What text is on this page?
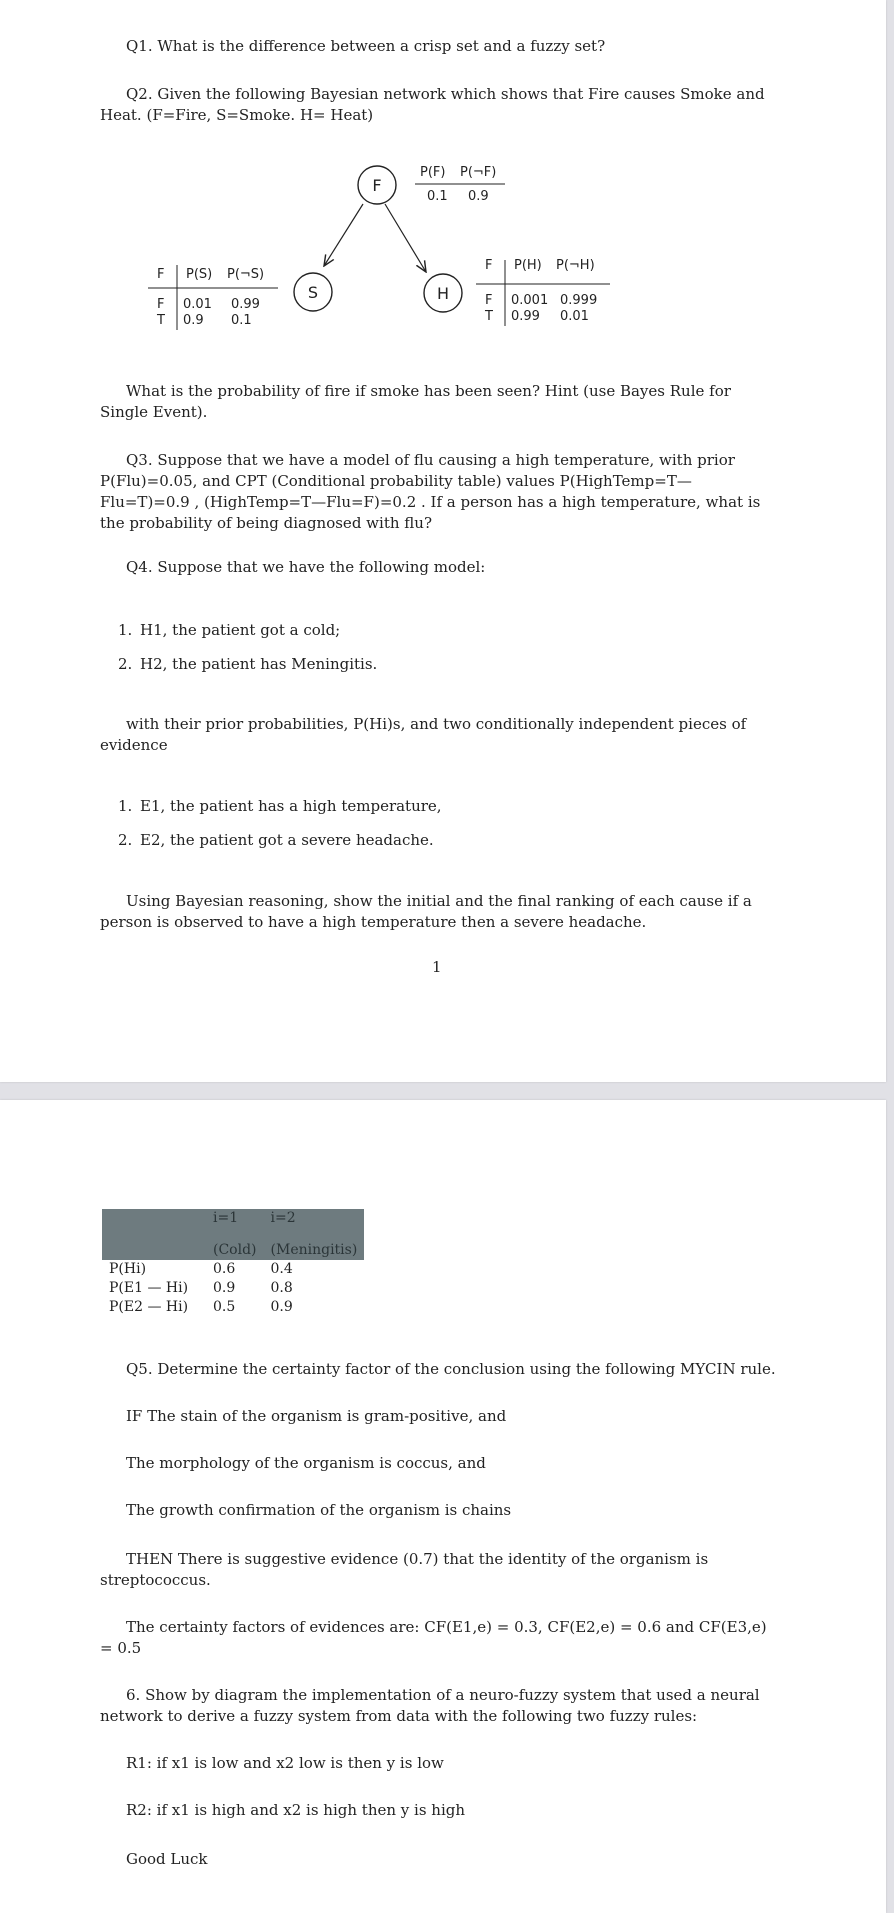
Q1. What is the difference between a crisp set and a fuzzy set?

Q2. Given the following Bayesian network which shows that Fire causes Smoke and Heat. (F=Fire, S=Smoke. H= Heat)

F
S	H
P(F) P(¬F)
0.1 0.9
F P(S) P(¬S)
F 0.01 0.99
T 0.9 0.1
F P(H) P(¬H)
F 0.001 0.999
T 0.99 0.01

What is the probability of fire if smoke has been seen? Hint (use Bayes Rule for Single Event).

Q3. Suppose that we have a model of flu causing a high temperature, with prior P(Flu)=0.05, and CPT (Conditional probability table) values P(HighTemp=T—Flu=T)=0.9 , (HighTemp=T—Flu=F)=0.2 . If a person has a high temperature, what is the probability of being diagnosed with flu?

Q4. Suppose that we have the following model:

1. H1, the patient got a cold;
2. H2, the patient has Meningitis.

with their prior probabilities, P(Hi)s, and two conditionally independent pieces of evidence

1. E1, the patient has a high temperature,
2. E2, the patient got a severe headache.

Using Bayesian reasoning, show the initial and the final ranking of each cause if a person is observed to have a high temperature then a severe headache.

1
	i=1	i=2
	(Cold)	(Meningitis)
P(Hi)	0.6	0.4
P(E1 — Hi)	0.9	0.8
P(E2 — Hi)	0.5	0.9

Q5. Determine the certainty factor of the conclusion using the following MYCIN rule.

IF The stain of the organism is gram-positive, and

The morphology of the organism is coccus, and

The growth confirmation of the organism is chains

THEN There is suggestive evidence (0.7) that the identity of the organism is streptococcus.

The certainty factors of evidences are: CF(E1,e) = 0.3, CF(E2,e) = 0.6 and CF(E3,e) = 0.5

6. Show by diagram the implementation of a neuro-fuzzy system that used a neural network to derive a fuzzy system from data with the following two fuzzy rules:

R1: if x1 is low and x2 low is then y is low

R2: if x1 is high and x2 is high then y is high

Good Luck
